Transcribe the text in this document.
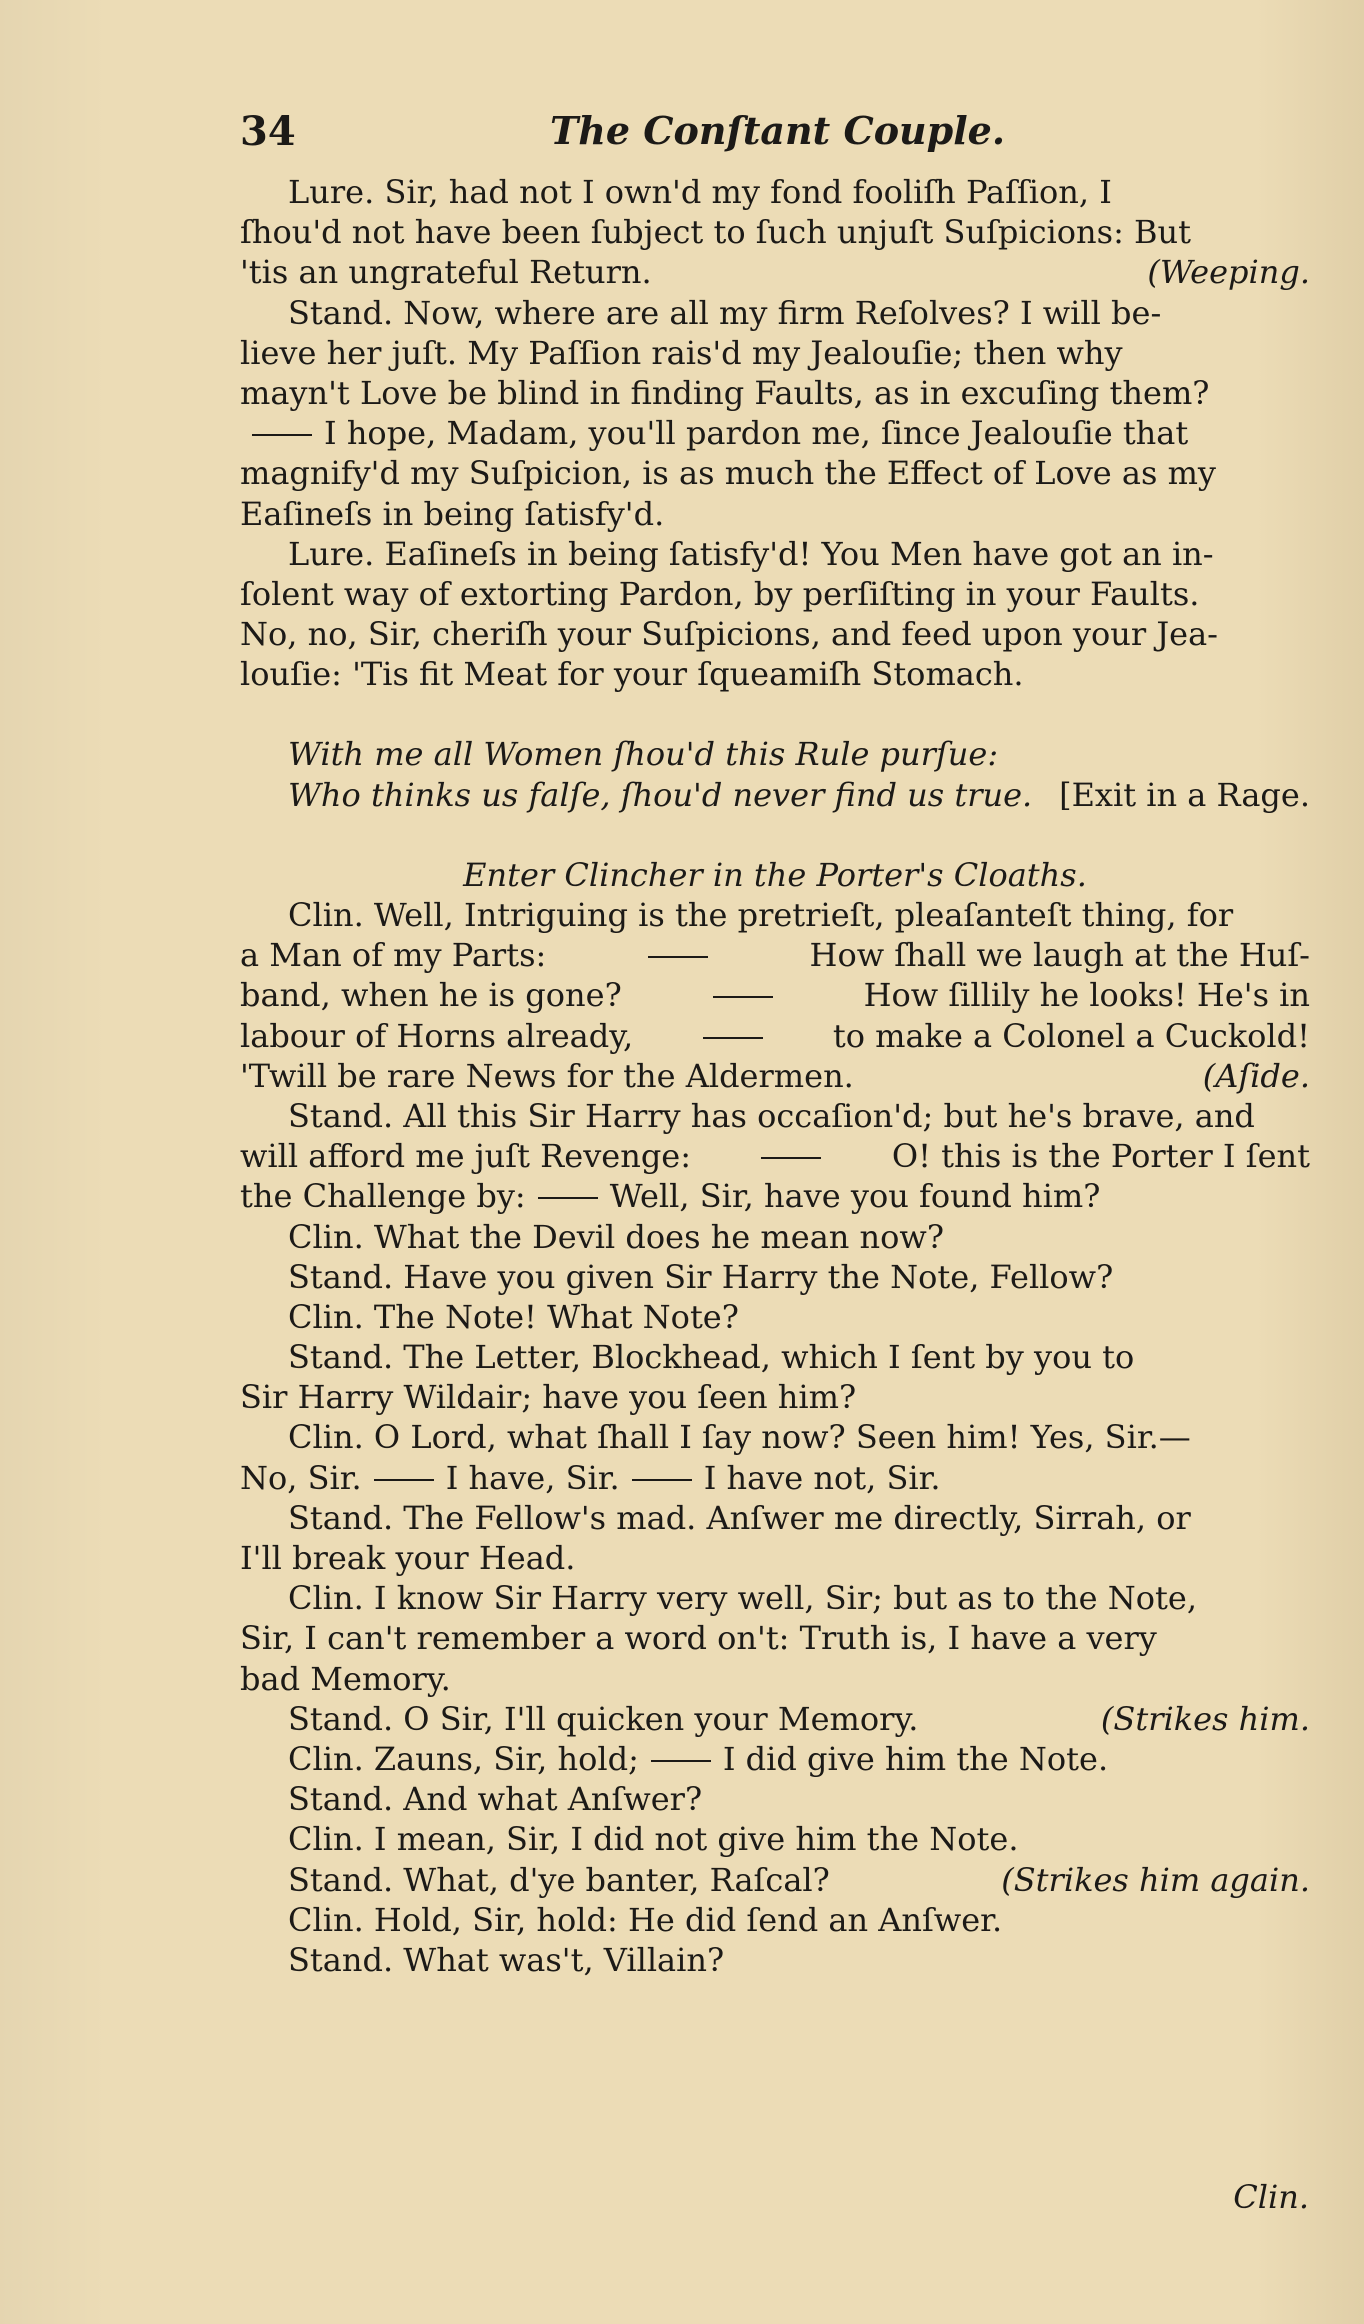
34	The Conſtant Couple.
Lure. Sir, had not I own'd my fond fooliſh Paſſion, I
ſhou'd not have been ſubject to ſuch unjuſt Suſpicions: But
'tis an ungrateful Return.	(Weeping.
Stand. Now, where are all my firm Reſolves? I will be-
lieve her juſt. My Paſſion rais'd my Jealouſie; then why
mayn't Love be blind in finding Faults, as in excuſing them?
I hope, Madam, you'll pardon me, ſince Jealouſie that
magnify'd my Suſpicion, is as much the Effect of Love as my
Eaſineſs in being ſatisfy'd.
Lure. Eaſineſs in being ſatisfy'd! You Men have got an in-
ſolent way of extorting Pardon, by perſiſting in your Faults.
No, no, Sir, cheriſh your Suſpicions, and feed upon your Jea-
louſie: 'Tis fit Meat for your ſqueamiſh Stomach.
With me all Women ſhou'd this Rule purſue:
Who thinks us falſe, ſhou'd never find us true. [Exit in a Rage.
Enter Clincher in the Porter's Cloaths.
Clin. Well, Intriguing is the pretrieſt, pleaſanteſt thing, for
a Man of my Parts:	How ſhall we laugh at the Huſ-
band, when he is gone?	How ſillily he looks! He's in
labour of Horns already,	to make a Colonel a Cuckold!
'Twill be rare News for the Aldermen.	(Aſide.
Stand. All this Sir Harry has occaſion'd; but he's brave, and
will afford me juſt Revenge:	O! this is the Porter I ſent
the Challenge by:	Well, Sir, have you found him?
Clin. What the Devil does he mean now?
Stand. Have you given Sir Harry the Note, Fellow?
Clin. The Note! What Note?
Stand. The Letter, Blockhead, which I ſent by you to
Sir Harry Wildair; have you ſeen him?
Clin. O Lord, what ſhall I ſay now? Seen him! Yes, Sir.—
No, Sir.	I have, Sir.	I have not, Sir.
Stand. The Fellow's mad. Anſwer me directly, Sirrah, or
I'll break your Head.
Clin. I know Sir Harry very well, Sir; but as to the Note,
Sir, I can't remember a word on't: Truth is, I have a very
bad Memory.
Stand. O Sir, I'll quicken your Memory.	(Strikes him.
Clin. Zauns, Sir, hold;	I did give him the Note.
Stand. And what Anſwer?
Clin. I mean, Sir, I did not give him the Note.
Stand. What, d'ye banter, Raſcal?	(Strikes him again.
Clin. Hold, Sir, hold: He did ſend an Anſwer.
Stand. What was't, Villain?
Clin.
